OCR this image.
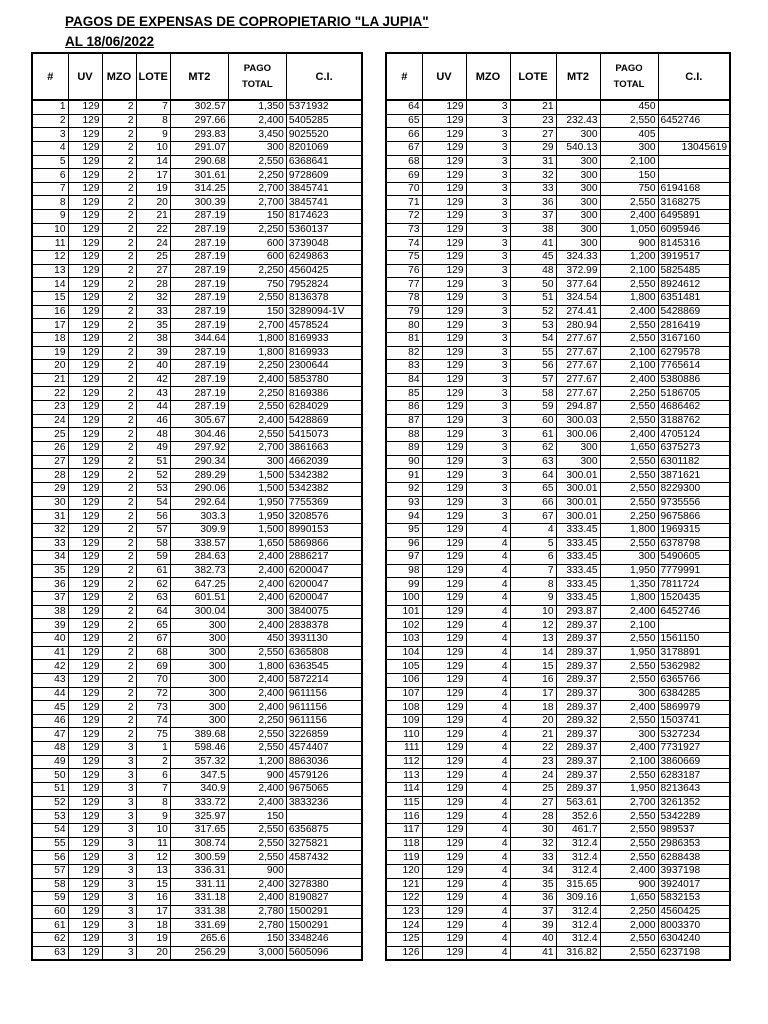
PAGOS DE EXPENSAS DE COPROPIETARIO "LA JUPIA"
AL 18/06/2022
#	UV	MZO	LOTE	MT2	PAGO
TOTAL	C.I.
1	129	2	7	302.57	1,350	5371932
2	129	2	8	297.66	2,400	5405285
3	129	2	9	293.83	3,450	9025520
4	129	2	10	291.07	300	8201069
5	129	2	14	290.68	2,550	6368641
6	129	2	17	301.61	2,250	9728609
7	129	2	19	314.25	2,700	3845741
8	129	2	20	300.39	2,700	3845741
9	129	2	21	287.19	150	8174623
10	129	2	22	287.19	2,250	5360137
11	129	2	24	287.19	600	3739048
12	129	2	25	287.19	600	6249863
13	129	2	27	287.19	2,250	4560425
14	129	2	28	287.19	750	7952824
15	129	2	32	287.19	2,550	8136378
16	129	2	33	287.19	150	3289094-1V
17	129	2	35	287.19	2,700	4578524
18	129	2	38	344.64	1,800	8169933
19	129	2	39	287.19	1,800	8169933
20	129	2	40	287.19	2,250	2300644
21	129	2	42	287.19	2,400	5853780
22	129	2	43	287.19	2,250	8169386
23	129	2	44	287.19	2,550	6284029
24	129	2	46	305.67	2,400	5428869
25	129	2	48	304.46	2,550	5415073
26	129	2	49	297.92	2,700	3861663
27	129	2	51	290.34	300	4662039
28	129	2	52	289.29	1,500	5342382
29	129	2	53	290.06	1,500	5342382
30	129	2	54	292.64	1,950	7755369
31	129	2	56	303.3	1,950	3208576
32	129	2	57	309.9	1,500	8990153
33	129	2	58	338.57	1,650	5869866
34	129	2	59	284.63	2,400	2886217
35	129	2	61	382.73	2,400	6200047
36	129	2	62	647.25	2,400	6200047
37	129	2	63	601.51	2,400	6200047
38	129	2	64	300.04	300	3840075
39	129	2	65	300	2,400	2838378
40	129	2	67	300	450	3931130
41	129	2	68	300	2,550	6365808
42	129	2	69	300	1,800	6363545
43	129	2	70	300	2,400	5872214
44	129	2	72	300	2,400	9611156
45	129	2	73	300	2,400	9611156
46	129	2	74	300	2,250	9611156
47	129	2	75	389.68	2,550	3226859
48	129	3	1	598.46	2,550	4574407
49	129	3	2	357.32	1,200	8863036
50	129	3	6	347.5	900	4579126
51	129	3	7	340.9	2,400	9675065
52	129	3	8	333.72	2,400	3833236
53	129	3	9	325.97	150	
54	129	3	10	317.65	2,550	6356875
55	129	3	11	308.74	2,550	3275821
56	129	3	12	300.59	2,550	4587432
57	129	3	13	336.31	900	
58	129	3	15	331.11	2,400	3278380
59	129	3	16	331.18	2,400	8190827
60	129	3	17	331.38	2,780	1500291
61	129	3	18	331.69	2,780	1500291
62	129	3	19	265.6	150	3348246
63	129	3	20	256.29	3,000	5605096
#	UV	MZO	LOTE	MT2	PAGO
TOTAL	C.I.
64	129	3	21		450	
65	129	3	23	232.43	2,550	6452746
66	129	3	27	300	405	
67	129	3	29	540.13	300	13045619
68	129	3	31	300	2,100	
69	129	3	32	300	150	
70	129	3	33	300	750	6194168
71	129	3	36	300	2,550	3168275
72	129	3	37	300	2,400	6495891
73	129	3	38	300	1,050	6095946
74	129	3	41	300	900	8145316
75	129	3	45	324.33	1,200	3919517
76	129	3	48	372.99	2,100	5825485
77	129	3	50	377.64	2,550	8924612
78	129	3	51	324.54	1,800	6351481
79	129	3	52	274.41	2,400	5428869
80	129	3	53	280.94	2,550	2816419
81	129	3	54	277.67	2,550	3167160
82	129	3	55	277.67	2,100	6279578
83	129	3	56	277.67	2,100	7765614
84	129	3	57	277.67	2,400	5380886
85	129	3	58	277.67	2,250	5186705
86	129	3	59	294.87	2,550	4686462
87	129	3	60	300.03	2,550	3188762
88	129	3	61	300.06	2,400	4705124
89	129	3	62	300	1,650	6375273
90	129	3	63	300	2,550	6301182
91	129	3	64	300.01	2,550	3871621
92	129	3	65	300.01	2,550	8229300
93	129	3	66	300.01	2,550	9735556
94	129	3	67	300.01	2,250	9675866
95	129	4	4	333.45	1,800	1969315
96	129	4	5	333.45	2,550	6378798
97	129	4	6	333.45	300	5490605
98	129	4	7	333.45	1,950	7779991
99	129	4	8	333.45	1,350	7811724
100	129	4	9	333.45	1,800	1520435
101	129	4	10	293.87	2,400	6452746
102	129	4	12	289.37	2,100	
103	129	4	13	289.37	2,550	1561150
104	129	4	14	289.37	1,950	3178891
105	129	4	15	289.37	2,550	5362982
106	129	4	16	289.37	2,550	6365766
107	129	4	17	289.37	300	6384285
108	129	4	18	289.37	2,400	5869979
109	129	4	20	289.32	2,550	1503741
110	129	4	21	289.37	300	5327234
111	129	4	22	289.37	2,400	7731927
112	129	4	23	289.37	2,100	3860669
113	129	4	24	289.37	2,550	6283187
114	129	4	25	289.37	1,950	8213643
115	129	4	27	563.61	2,700	3261352
116	129	4	28	352.6	2,550	5342289
117	129	4	30	461.7	2,550	989537
118	129	4	32	312.4	2,550	2986353
119	129	4	33	312.4	2,550	6288438
120	129	4	34	312.4	2,400	3937198
121	129	4	35	315.65	900	3924017
122	129	4	36	309.16	1,650	5832153
123	129	4	37	312.4	2,250	4560425
124	129	4	39	312.4	2,000	8003370
125	129	4	40	312.4	2,550	6304240
126	129	4	41	316.82	2,550	6237198
